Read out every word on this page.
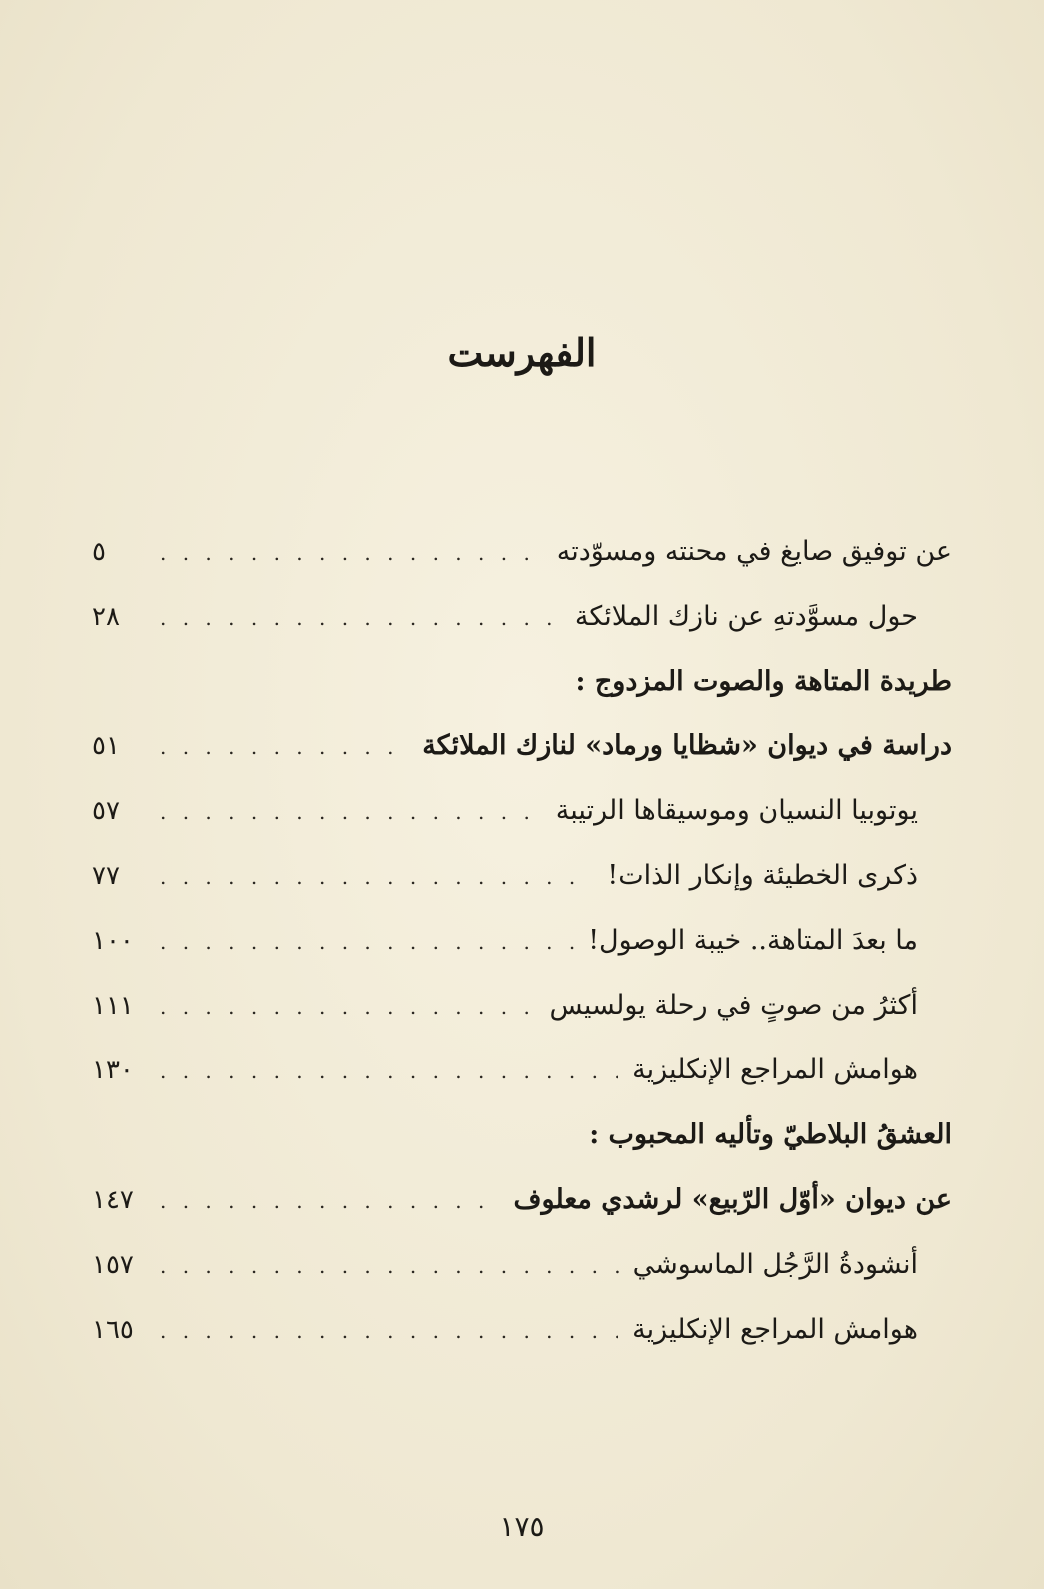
الفهرست
عن توفيق صايغ في محنته ومسوّدته
. . .
٥
حول مسوَّدتهِ عن نازك الملائكة
. . .
٢٨
طريدة المتاهة والصوت المزدوج :
دراسة في ديوان «شظايا ورماد» لنازك الملائكة
. . .
٥١
يوتوبيا النسيان وموسيقاها الرتيبة
. . .
٥٧
ذكرى الخطيئة وإنكار الذات!
. . .
٧٧
ما بعدَ المتاهة.. خيبة الوصول!
. . .
١٠٠
أكثرُ من صوتٍ في رحلة يولسيس
. . .
١١١
هوامش المراجع الإنكليزية
. . .
١٣٠
العشقُ البلاطيّ وتأليه المحبوب :
عن ديوان «أوّل الرّبيع» لرشدي معلوف
. . .
١٤٧
أنشودةُ الرَّجُل الماسوشي
. . .
١٥٧
هوامش المراجع الإنكليزية
. . .
١٦٥
١٧٥
